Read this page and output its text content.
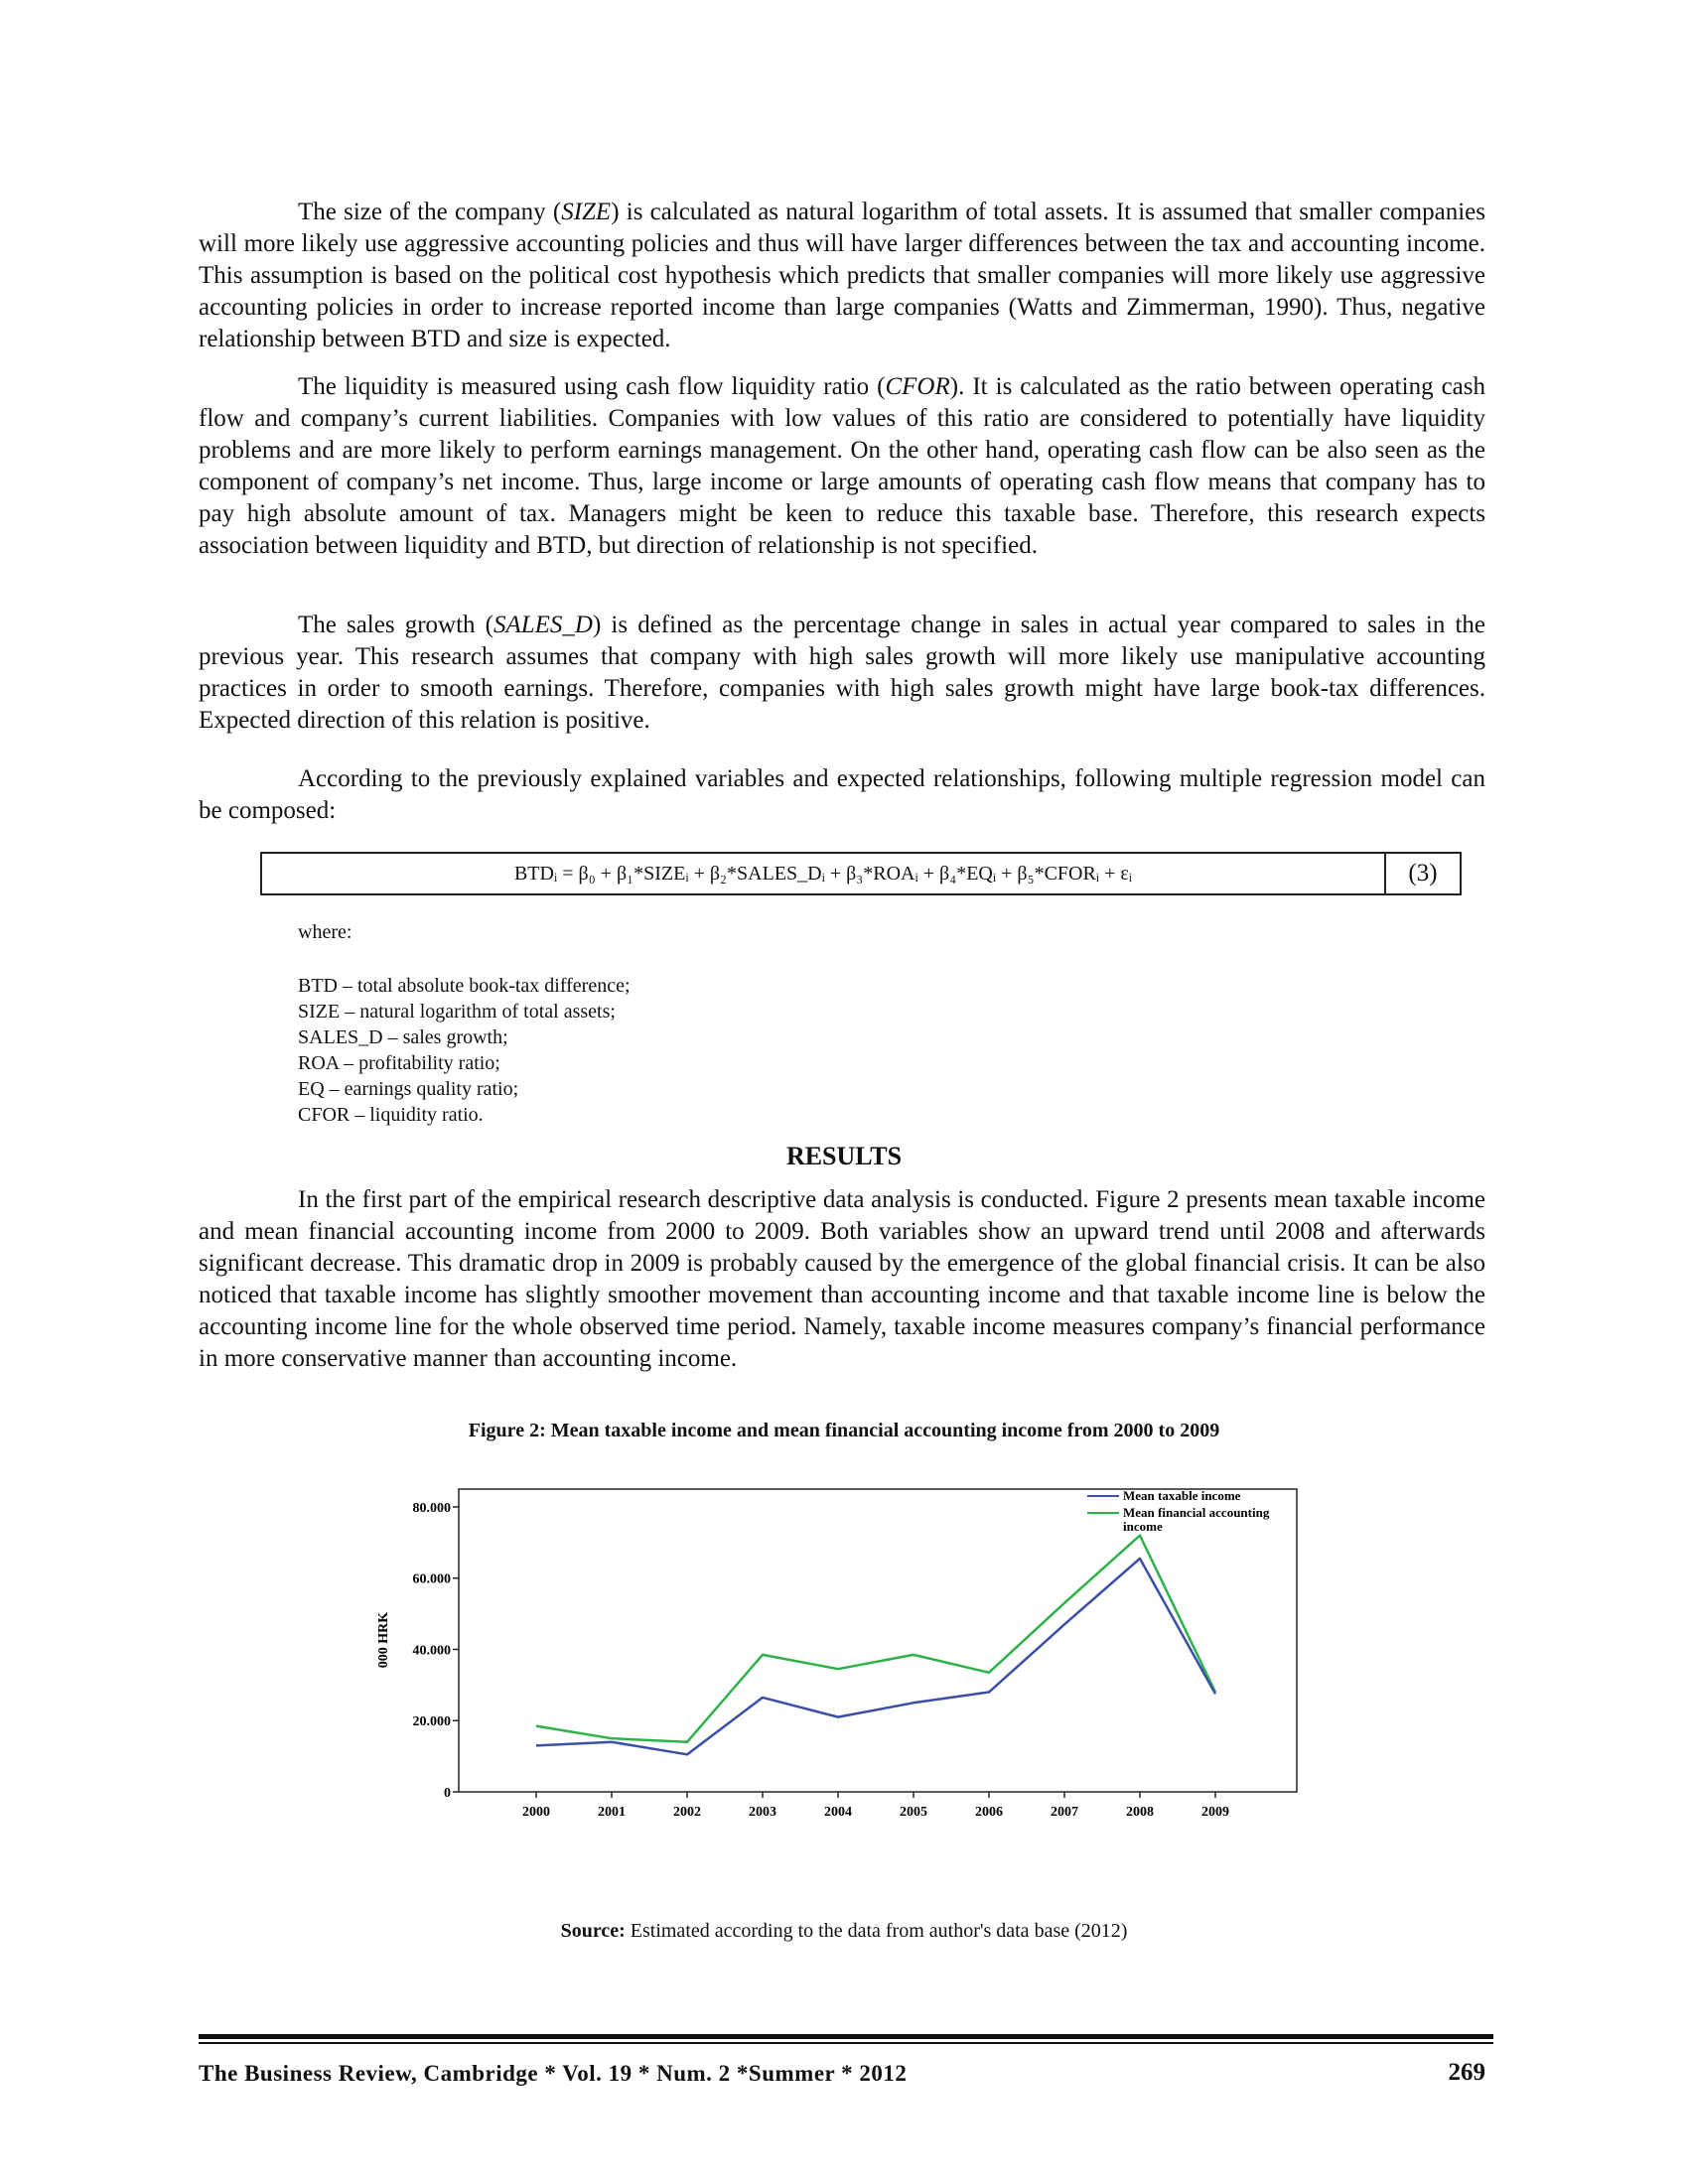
The size of the company (SIZE) is calculated as natural logarithm of total assets. It is assumed that smaller companies will more likely use aggressive accounting policies and thus will have larger differences between the tax and accounting income. This assumption is based on the political cost hypothesis which predicts that smaller companies will more likely use aggressive accounting policies in order to increase reported income than large companies (Watts and Zimmerman, 1990). Thus, negative relationship between BTD and size is expected.

The liquidity is measured using cash flow liquidity ratio (CFOR). It is calculated as the ratio between operating cash flow and company’s current liabilities. Companies with low values of this ratio are considered to potentially have liquidity problems and are more likely to perform earnings management. On the other hand, operating cash flow can be also seen as the component of company’s net income. Thus, large income or large amounts of operating cash flow means that company has to pay high absolute amount of tax. Managers might be keen to reduce this taxable base. Therefore, this research expects association between liquidity and BTD, but direction of relationship is not specified.

The sales growth (SALES_D) is defined as the percentage change in sales in actual year compared to sales in the previous year. This research assumes that company with high sales growth will more likely use manipulative accounting practices in order to smooth earnings. Therefore, companies with high sales growth might have large book-tax differences. Expected direction of this relation is positive.

According to the previously explained variables and expected relationships, following multiple regression model can be composed:

BTDᵢ = β₀ + β₁*SIZEᵢ + β₂*SALES_Dᵢ + β₃*ROAᵢ + β₄*EQᵢ + β₅*CFORᵢ + εᵢ	(3)
where:
BTD – total absolute book-tax difference;
SIZE – natural logarithm of total assets;
SALES_D – sales growth;
ROA – profitability ratio;
EQ – earnings quality ratio;
CFOR – liquidity ratio.
RESULTS

In the first part of the empirical research descriptive data analysis is conducted. Figure 2 presents mean taxable income and mean financial accounting income from 2000 to 2009. Both variables show an upward trend until 2008 and afterwards significant decrease. This dramatic drop in 2009 is probably caused by the emergence of the global financial crisis. It can be also noticed that taxable income has slightly smoother movement than accounting income and that taxable income line is below the accounting income line for the whole observed time period. Namely, taxable income measures company’s financial performance in more conservative manner than accounting income.

Figure 2: Mean taxable income and mean financial accounting income from 2000 to 2009
000 HRK
0
20.000
40.000
60.000
80.000
2000	2001	2002	2003	2004	2005	2006	2007	2008	2009
Mean taxable income
Mean financial accounting income
Source: Estimated according to the data from author's data base (2012)
The Business Review, Cambridge * Vol. 19 * Num. 2 *Summer * 2012	269
